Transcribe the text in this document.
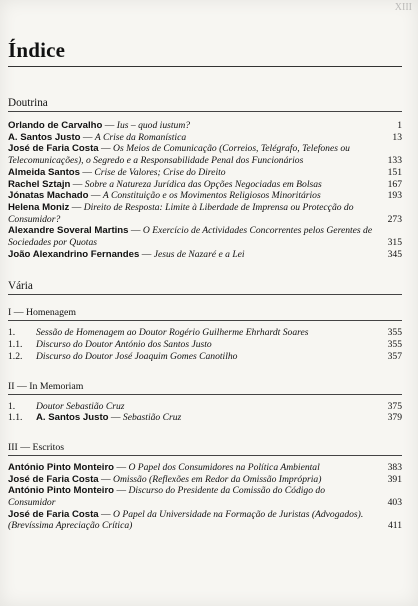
XIII
Índice
Doutrina
Orlando de Carvalho — Ius – quod iustum?	1
A. Santos Justo — A Crise da Romanística	13
José de Faria Costa — Os Meios de Comunicação (Correios, Telégrafo, Telefones ou Telecomunicações), o Segredo e a Responsabilidade Penal dos Funcionários	133
Almeida Santos — Crise de Valores; Crise do Direito	151
Rachel Sztajn — Sobre a Natureza Jurídica das Opções Negociadas em Bolsas	167
Jónatas Machado — A Constituição e os Movimentos Religiosos Minoritários	193
Helena Moniz — Direito de Resposta: Limite à Liberdade de Imprensa ou Protecção do Consumidor?	273
Alexandre Soveral Martins — O Exercício de Actividades Concorrentes pelos Gerentes de Sociedades por Quotas	315
João Alexandrino Fernandes — Jesus de Nazaré e a Lei	345
Vária
I — Homenagem
1.	Sessão de Homenagem ao Doutor Rogério Guilherme Ehrhardt Soares	355
1.1.	Discurso do Doutor António dos Santos Justo	355
1.2.	Discurso do Doutor José Joaquim Gomes Canotilho	357
II — In Memoriam
1.	Doutor Sebastião Cruz	375
1.1.	A. Santos Justo — Sebastião Cruz	379
III — Escritos
António Pinto Monteiro — O Papel dos Consumidores na Política Ambiental	383
José de Faria Costa — Omissão (Reflexões em Redor da Omissão Imprópria)	391
António Pinto Monteiro — Discurso do Presidente da Comissão do Código do Consumidor	403
José de Faria Costa — O Papel da Universidade na Formação de Juristas (Advogados). (Brevíssima Apreciação Crítica)	411
